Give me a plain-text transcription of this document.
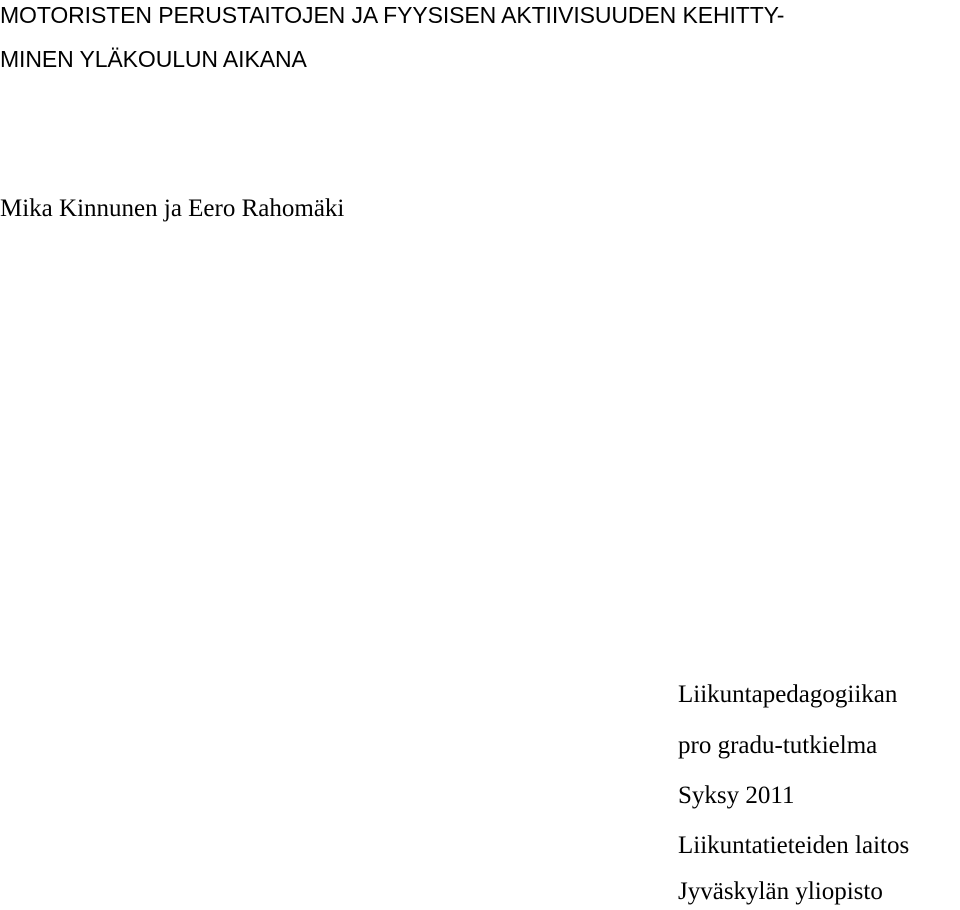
MOTORISTEN PERUSTAITOJEN JA FYYSISEN AKTIIVISUUDEN KEHITTY-
MINEN YLÄKOULUN AIKANA
Mika Kinnunen ja Eero Rahomäki
Liikuntapedagogiikan
pro gradu-tutkielma
Syksy 2011
Liikuntatieteiden laitos
Jyväskylän yliopisto
